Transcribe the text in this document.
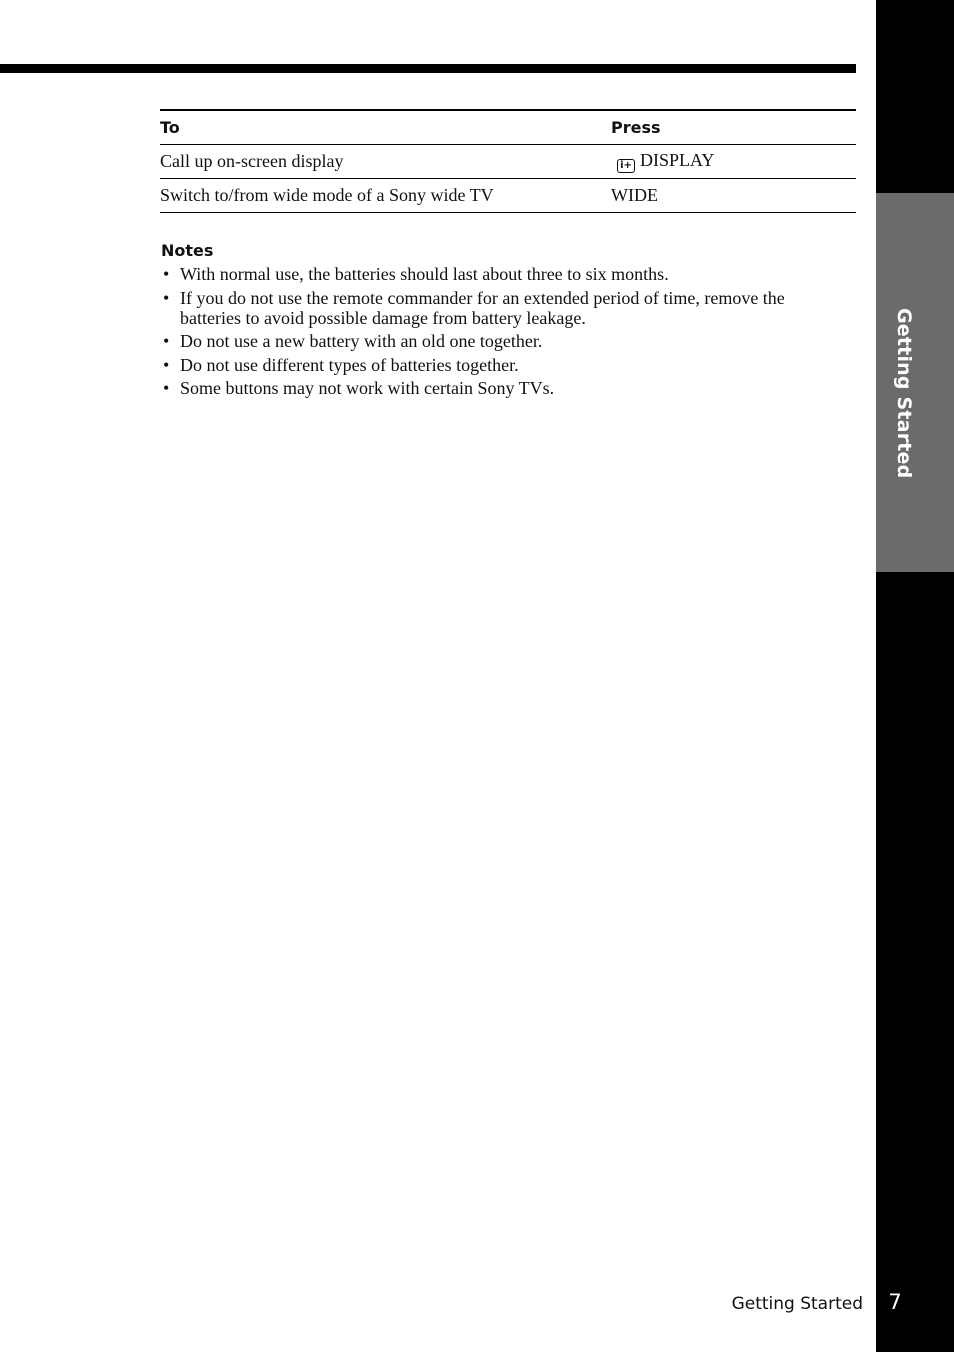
Getting Started
To	Press
Call up on-screen display	i+ DISPLAY
Switch to/from wide mode of a Sony wide TV	WIDE
Notes
• With normal use, the batteries should last about three to six months.
• If you do not use the remote commander for an extended period of time, remove the batteries to avoid possible damage from battery leakage.
• Do not use a new battery with an old one together.
• Do not use different types of batteries together.
• Some buttons may not work with certain Sony TVs.
Getting Started	7
